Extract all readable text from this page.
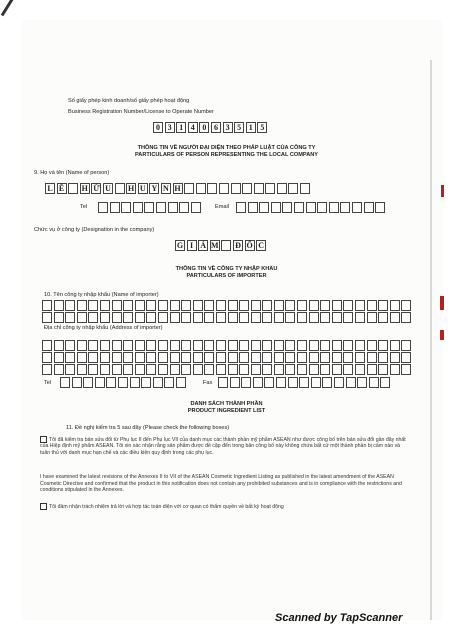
Số giấy phép kinh doanh/số giấy phép hoạt động
Business Registration Number/License to Operate Number
0 3 1 4 0 6 3 5 1 5
THÔNG TIN VỀ NGƯỜI ĐẠI DIỆN THEO PHÁP LUẬT CỦA CÔNG TY
PARTICULARS OF PERSON REPRESENTING THE LOCAL COMPANY
9. Họ và tên (Name of person)
L Ê H Ữ U H U Y N H
Tel	Email
Chức vụ ở công ty (Designation in the company)
G I Á M Đ Ố C
THÔNG TIN VỀ CÔNG TY NHẬP KHẨU
PARTICULARS OF IMPORTER
10. Tên công ty nhập khẩu (Name of importer)
Địa chỉ công ty nhập khẩu (Address of importer)
Tel	Fax
DANH SÁCH THÀNH PHẦN
PRODUCT INGREDIENT LIST
11. Đề nghị kiểm tra 5 sau đây (Please check the following boxes)
Tôi đã kiểm tra bản sửa đổi từ Phụ lục II đến Phụ lục VII của danh mục các thành phần mỹ phẩm ASEAN như được công bố trên bản sửa đổi gần đây nhất của Hiệp định mỹ phẩm ASEAN. Tôi xin xác nhận rằng sản phẩm được đề cập đến trong bản công bố này không chứa bất cứ một thành phần bị cấm nào và tuân thủ với danh mục hạn chế và các điều kiện quy định trong các phụ lục.
I have examined the latest revisions of the Annexes II to VII of the ASEAN Cosmetic Ingredient Listing as published in the latest amendment of the ASEAN Cosmetic Directive and confirmed that the product in this notification does not contain any prohibited substances and is in compliance with the restrictions and conditions stipulated in the Annexes.
Tôi đảm nhận trách nhiệm trả lời và hợp tác toàn diện với cơ quan có thẩm quyền về bất kỳ hoạt động
Scanned by TapScanner
